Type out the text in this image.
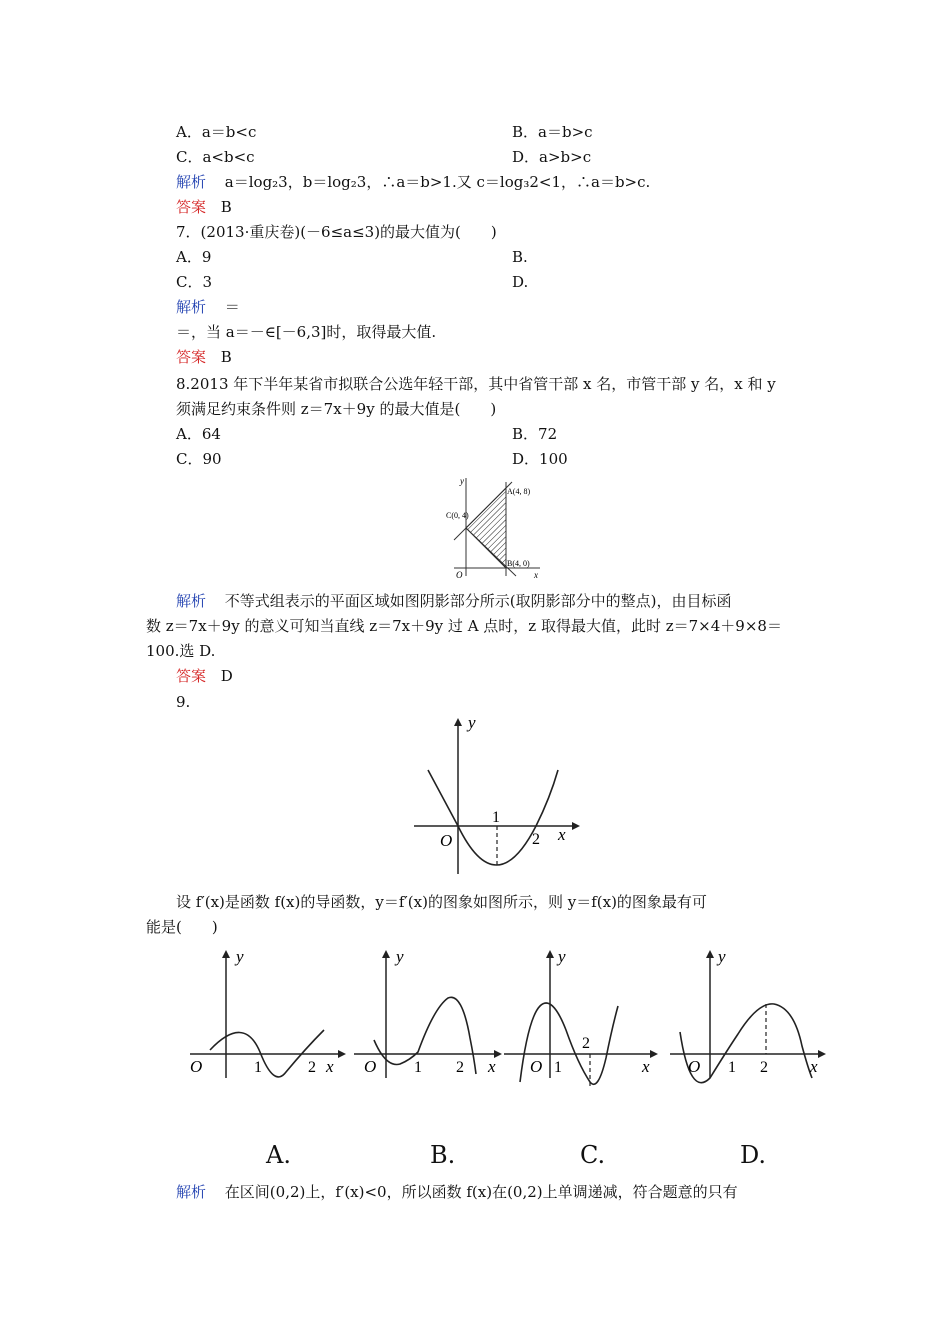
A．a＝b<c	B．a＝b>c
C．a<b<c	D．a>b>c
解析 a＝log₂3，b＝log₂3，∴a＝b>1.又 c＝log₃2<1，∴a＝b>c.
答案 B
7．(2013·重庆卷)(－6≤a≤3)的最大值为(　　)
A．9	B.
C．3	D.
解析 ＝
＝，当 a＝－∈[－6,3]时，取得最大值.
答案 B
8.2013 年下半年某省市拟联合公选年轻干部，其中省管干部 x 名，市管干部 y 名，x 和 y
须满足约束条件则 z＝7x＋9y 的最大值是(　　)
A．64	B．72
C．90	D．100
y
x
O
A(4, 8)
B(4, 0)
C(0, 4)
解析 不等式组表示的平面区域如图阴影部分所示(取阴影部分中的整点)，由目标函
数 z＝7x＋9y 的意义可知当直线 z＝7x＋9y 过 A 点时，z 取得最大值，此时 z＝7×4＋9×8＝
100.选 D.
答案 D
9.
y
x
O
1
2
设 f′(x)是函数 f(x)的导函数，y＝f′(x)的图象如图所示，则 y＝f(x)的图象最有可
能是(　　)
y
x
O	1	2
A.
y
x
O 1 2
B.
y
x
O 1
2
C.
y
x
O 1 2
D.
解析 在区间(0,2)上，f′(x)<0，所以函数 f(x)在(0,2)上单调递减，符合题意的只有
